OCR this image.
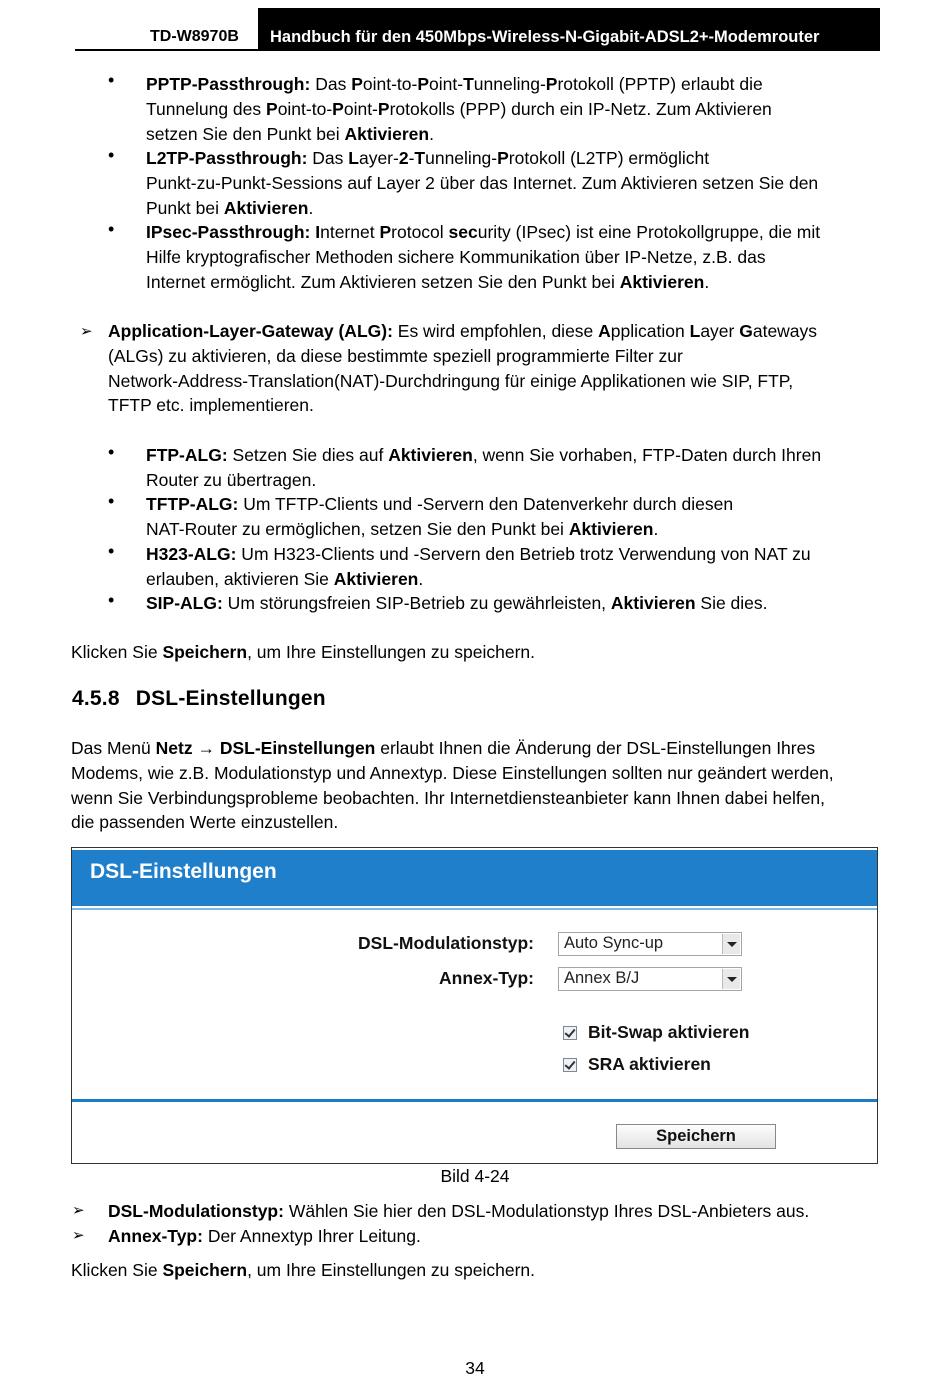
TD-W8970B Handbuch für den 450Mbps-Wireless-N-Gigabit-ADSL2+-Modemrouter
• PPTP-Passthrough: Das Point-to-Point-Tunneling-Protokoll (PPTP) erlaubt die
Tunnelung des Point-to-Point-Protokolls (PPP) durch ein IP-Netz. Zum Aktivieren
setzen Sie den Punkt bei Aktivieren.
• L2TP-Passthrough: Das Layer-2-Tunneling-Protokoll (L2TP) ermöglicht
Punkt-zu-Punkt-Sessions auf Layer 2 über das Internet. Zum Aktivieren setzen Sie den
Punkt bei Aktivieren.
• IPsec-Passthrough: Internet Protocol security (IPsec) ist eine Protokollgruppe, die mit
Hilfe kryptografischer Methoden sichere Kommunikation über IP-Netze, z.B. das
Internet ermöglicht. Zum Aktivieren setzen Sie den Punkt bei Aktivieren.
➢ Application-Layer-Gateway (ALG): Es wird empfohlen, diese Application Layer Gateways
(ALGs) zu aktivieren, da diese bestimmte speziell programmierte Filter zur
Network-Address-Translation(NAT)-Durchdringung für einige Applikationen wie SIP, FTP,
TFTP etc. implementieren.
• FTP-ALG: Setzen Sie dies auf Aktivieren, wenn Sie vorhaben, FTP-Daten durch Ihren
Router zu übertragen.
• TFTP-ALG: Um TFTP-Clients und -Servern den Datenverkehr durch diesen
NAT-Router zu ermöglichen, setzen Sie den Punkt bei Aktivieren.
• H323-ALG: Um H323-Clients und -Servern den Betrieb trotz Verwendung von NAT zu
erlauben, aktivieren Sie Aktivieren.
• SIP-ALG: Um störungsfreien SIP-Betrieb zu gewährleisten, Aktivieren Sie dies.
Klicken Sie Speichern, um Ihre Einstellungen zu speichern.
4.5.8 DSL-Einstellungen
Das Menü Netz → DSL-Einstellungen erlaubt Ihnen die Änderung der DSL-Einstellungen Ihres
Modems, wie z.B. Modulationstyp und Annextyp. Diese Einstellungen sollten nur geändert werden,
wenn Sie Verbindungsprobleme beobachten. Ihr Internetdiensteanbieter kann Ihnen dabei helfen,
die passenden Werte einzustellen.
DSL-Einstellungen
DSL-Modulationstyp: Auto Sync-up
Annex-Typ: Annex B/J
Bit-Swap aktivieren
SRA aktivieren
Speichern
Bild 4-24
➢ DSL-Modulationstyp: Wählen Sie hier den DSL-Modulationstyp Ihres DSL-Anbieters aus.
➢ Annex-Typ: Der Annextyp Ihrer Leitung.
Klicken Sie Speichern, um Ihre Einstellungen zu speichern.
34
